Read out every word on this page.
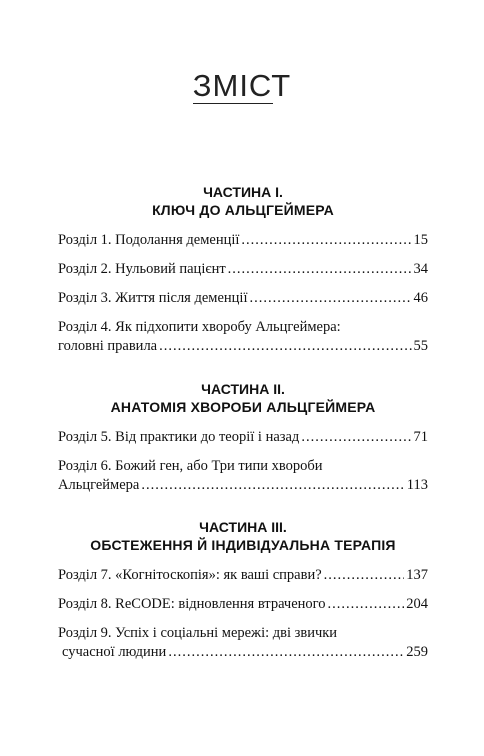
ЗМІСТ
ЧАСТИНА І.
КЛЮЧ ДО АЛЬЦГЕЙМЕРА
Розділ 1. Подолання деменції .....	15
Розділ 2. Нульовий пацієнт .....	34
Розділ 3. Життя після деменції .....	46
Розділ 4. Як підхопити хворобу Альцгеймера:
головні правила .....	55
ЧАСТИНА ІІ.
АНАТОМІЯ ХВОРОБИ АЛЬЦГЕЙМЕРА
Розділ 5. Від практики до теорії і назад .....	71
Розділ 6. Божий ген, або Три типи хвороби
Альцгеймера .....	113
ЧАСТИНА ІІІ.
ОБСТЕЖЕННЯ Й ІНДИВІДУАЛЬНА ТЕРАПІЯ
Розділ 7. «Когнітоскопія»: як ваші справи? .....	137
Розділ 8. ReCODE: відновлення втраченого .....	204
Розділ 9. Успіх і соціальні мережі: дві звички
сучасної людини .....	259
